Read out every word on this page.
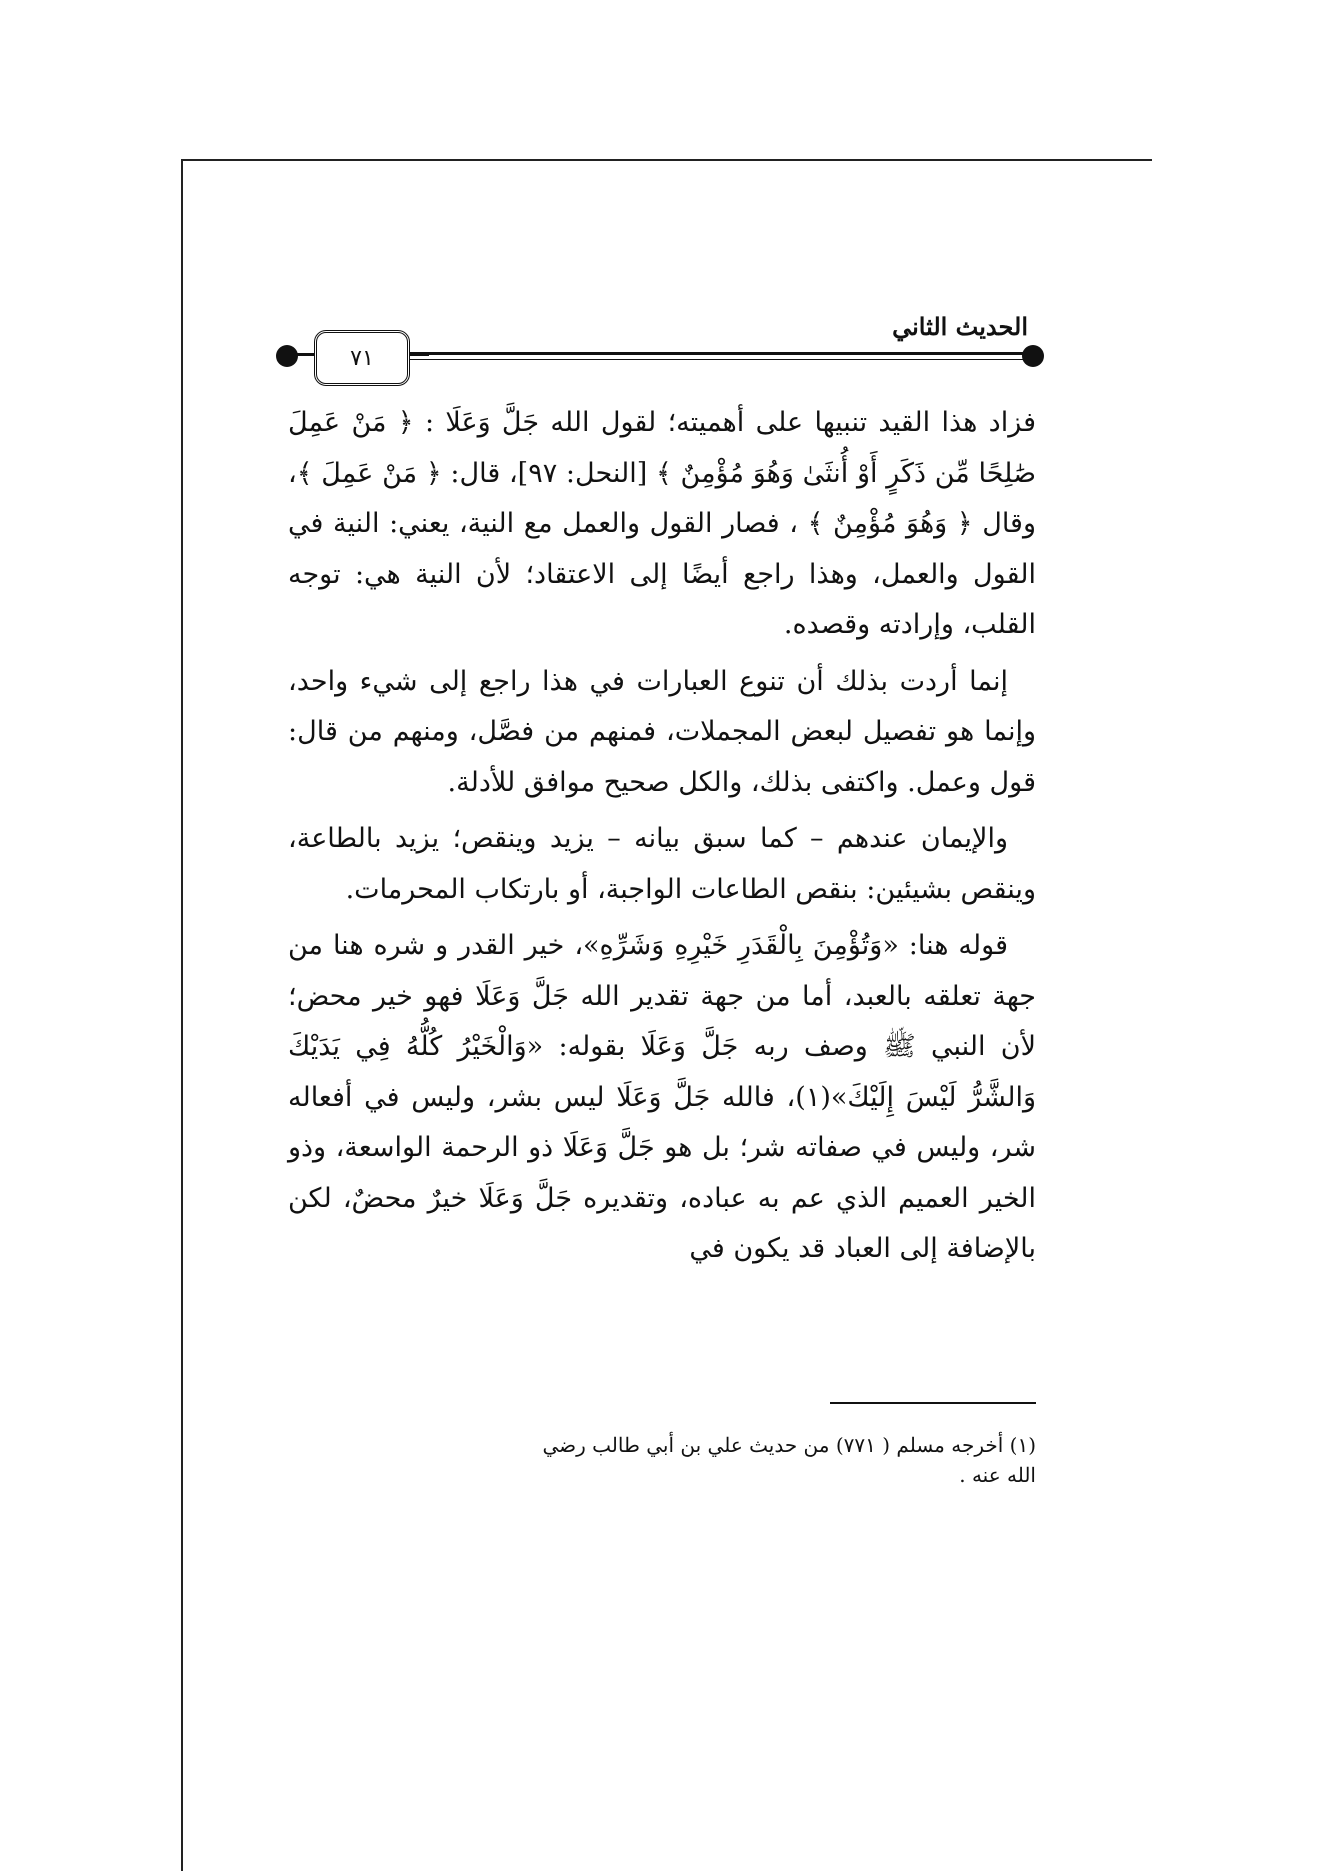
٧١
الحديث الثاني

فزاد هذا القيد تنبيها على أهميته؛ لقول الله جَلَّ وَعَلَا : ﴿ مَنْ عَمِلَ صَٰلِحًا مِّن ذَكَرٍ أَوْ أُنثَىٰ وَهُوَ مُؤْمِنٌ ﴾ [النحل: ٩٧]، قال: ﴿ مَنْ عَمِلَ ﴾، وقال ﴿ وَهُوَ مُؤْمِنٌ ﴾ ، فصار القول والعمل مع النية، يعني: النية في القول والعمل، وهذا راجع أيضًا إلى الاعتقاد؛ لأن النية هي: توجه القلب، وإرادته وقصده.

إنما أردت بذلك أن تنوع العبارات في هذا راجع إلى شيء واحد، وإنما هو تفصيل لبعض المجملات، فمنهم من فصَّل، ومنهم من قال: قول وعمل. واكتفى بذلك، والكل صحيح موافق للأدلة.

والإيمان عندهم – كما سبق بيانه – يزيد وينقص؛ يزيد بالطاعة، وينقص بشيئين: بنقص الطاعات الواجبة، أو بارتكاب المحرمات.

قوله هنا: «وَتُؤْمِنَ بِالْقَدَرِ خَيْرِهِ وَشَرِّهِ»، خير القدر و شره هنا من جهة تعلقه بالعبد، أما من جهة تقدير الله جَلَّ وَعَلَا فهو خير محض؛ لأن النبي ﷺ وصف ربه جَلَّ وَعَلَا بقوله: «وَالْخَيْرُ كُلُّهُ فِي يَدَيْكَ وَالشَّرُّ لَيْسَ إِلَيْكَ»(١)، فالله جَلَّ وَعَلَا ليس بشر، وليس في أفعاله شر، وليس في صفاته شر؛ بل هو جَلَّ وَعَلَا ذو الرحمة الواسعة، وذو الخير العميم الذي عم به عباده، وتقديره جَلَّ وَعَلَا خيرٌ محضٌ، لكن بالإضافة إلى العباد قد يكون في

(١) أخرجه مسلم ( ٧٧١) من حديث علي بن أبي طالب رضي الله عنه .
